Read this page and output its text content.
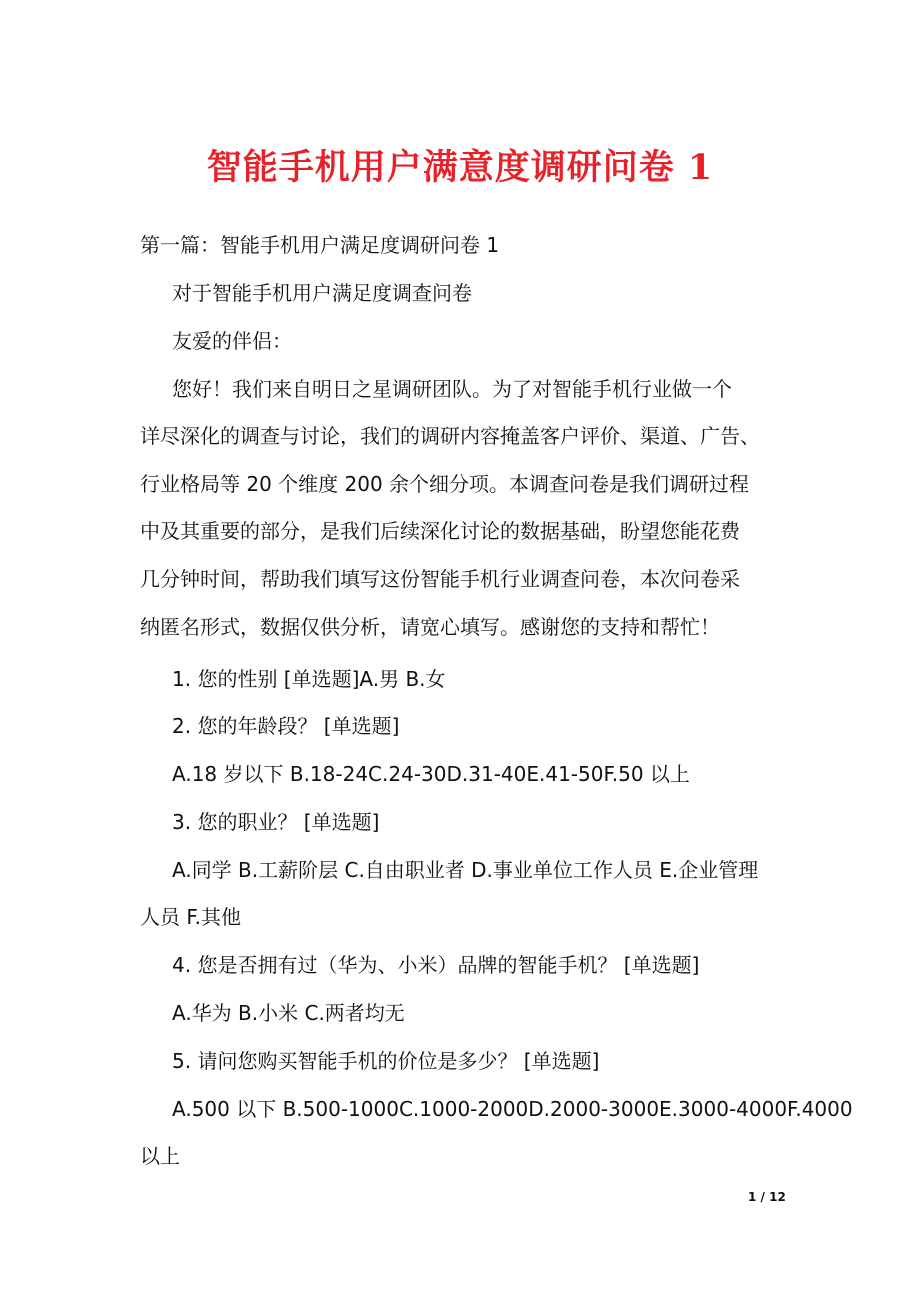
智能手机用户满意度调研问卷 1
第一篇：智能手机用户满足度调研问卷 1
对于智能手机用户满足度调查问卷
友爱的伴侣：
您好！我们来自明日之星调研团队。为了对智能手机行业做一个
详尽深化的调查与讨论，我们的调研内容掩盖客户评价、渠道、广告、
行业格局等 20 个维度 200 余个细分项。本调查问卷是我们调研过程
中及其重要的部分，是我们后续深化讨论的数据基础，盼望您能花费
几分钟时间，帮助我们填写这份智能手机行业调查问卷，本次问卷采
纳匿名形式，数据仅供分析，请宽心填写。感谢您的支持和帮忙！
1. 您的性别 [单选题]A.男 B.女
2. 您的年龄段？ [单选题]
A.18 岁以下 B.18-24C.24-30D.31-40E.41-50F.50 以上
3. 您的职业？ [单选题]
A.同学 B.工薪阶层 C.自由职业者 D.事业单位工作人员 E.企业管理
人员 F.其他
4. 您是否拥有过（华为、小米）品牌的智能手机？ [单选题]
A.华为 B.小米 C.两者均无
5. 请问您购买智能手机的价位是多少？ [单选题]
A.500 以下 B.500-1000C.1000-2000D.2000-3000E.3000-4000F.4000
以上
1 / 12
